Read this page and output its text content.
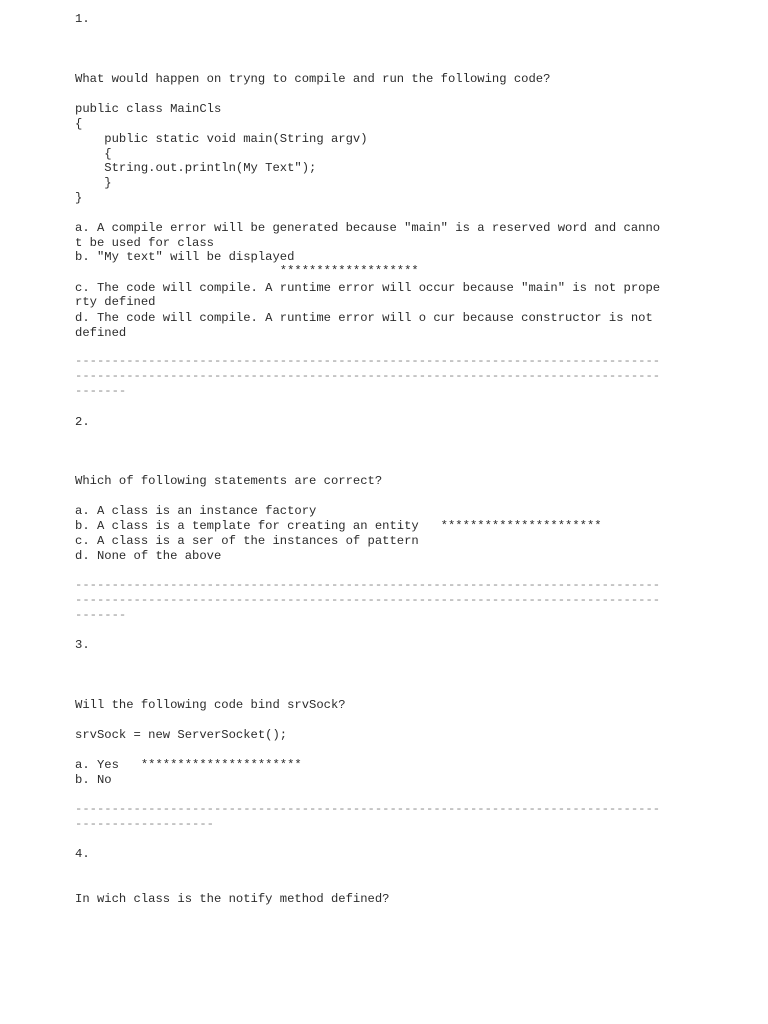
1.
What would happen on tryng to compile and run the following code?
public class MainCls
{
public static void main(String argv)
{
String.out.println(My Text");
}
}
a. A compile error will be generated because "main" is a reserved word and canno
t be used for class
b. "My text" will be displayed
*******************
c. The code will compile. A runtime error will occur because "main" is not prope
rty defined
d. The code will compile. A runtime error will o cur because constructor is not
defined
--------------------------------------------------------------------------------
--------------------------------------------------------------------------------
-------
2.
Which of following statements are correct?
a. A class is an instance factory
b. A class is a template for creating an entity   **********************
c. A class is a ser of the instances of pattern
d. None of the above
--------------------------------------------------------------------------------
--------------------------------------------------------------------------------
-------
3.
Will the following code bind srvSock?
srvSock = new ServerSocket();
a. Yes   **********************
b. No
--------------------------------------------------------------------------------
-------------------
4.
In wich class is the notify method defined?
